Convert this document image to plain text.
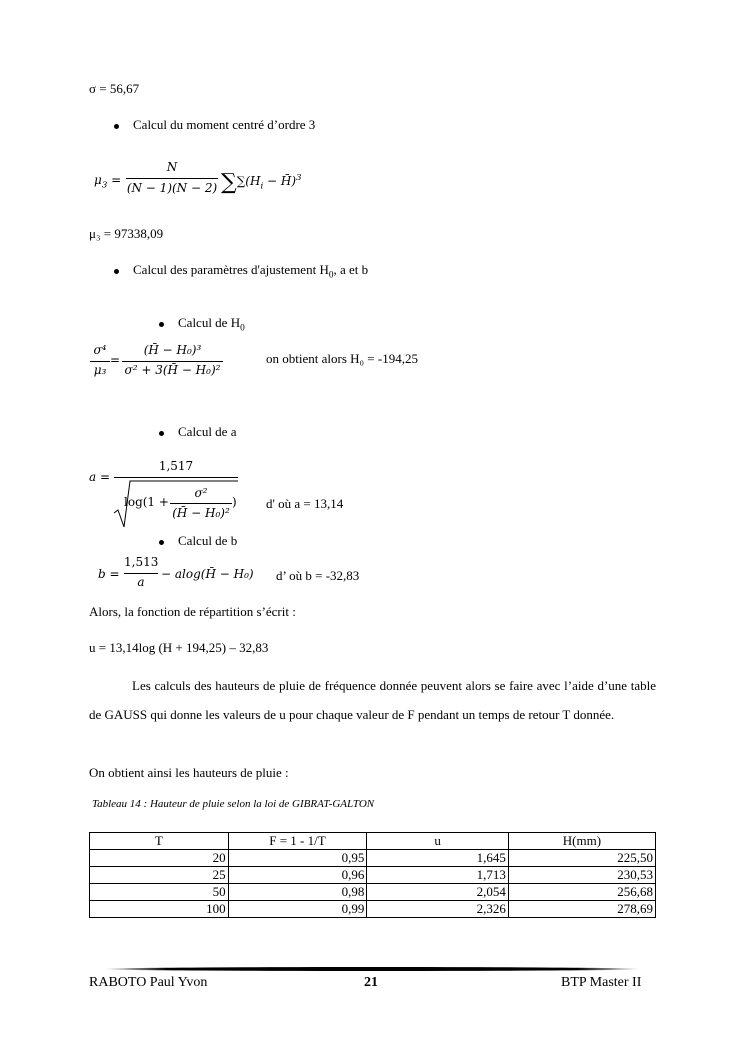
σ = 56,67
Calcul du moment centré d’ordre 3
$\mu_3$ =
N
(N − 1)(N − 2) $\sum\sum(H_i$ − H̄)$^3$
μ₃ = 97338,09
Calcul des paramètres d'ajustement $H_0$, a et b
Calcul de $H_0$
σ⁴
μ₃
=
(H̄ − H₀)³
σ² + 3(H̄ − H₀)²
on obtient alors H₀ = -194,25
Calcul de a
a =
1,517
log(1 +
σ²
(H̄ − H₀)²
) d' où a = 13,14
Calcul de b
b =
1,513
a
− alog(H̄ − H₀) d’ où b = -32,83
Alors, la fonction de répartition s’écrit :
u = 13,14log (H + 194,25) – 32,83
Les calculs des hauteurs de pluie de fréquence donnée peuvent alors se faire avec l’aide d’une table de GAUSS qui donne les valeurs de u pour chaque valeur de F pendant un temps de retour T donnée.
On obtient ainsi les hauteurs de pluie :
Tableau 14 : Hauteur de pluie selon la loi de GIBRAT-GALTON
T	F = 1 - 1/T	u	H(mm)
20	0,95	1,645	225,50
25	0,96	1,713	230,53
50	0,98	2,054	256,68
100	0,99	2,326	278,69
RABOTO Paul Yvon	21	BTP Master II
